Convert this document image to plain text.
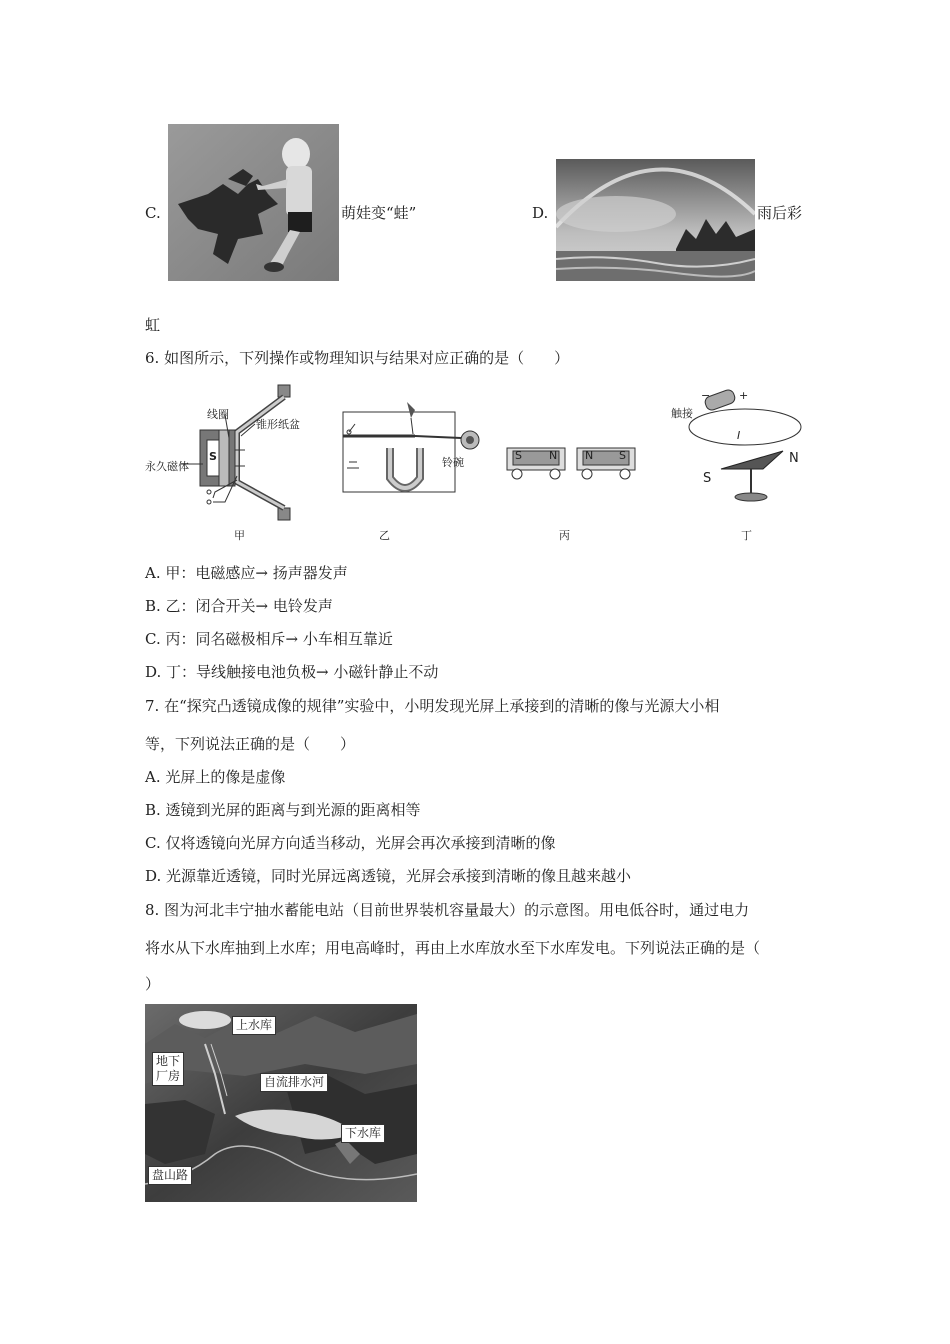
C.	萌娃变“蛙”	D.	雨后彩
虹
6. 如图所示，下列操作或物理知识与结果对应正确的是（　　）
线圈
锥形纸盆
永久磁体
S
甲
铃碗
乙
S N	N S
丙
触接
−	+
I
N
S
丁
A. 甲：电磁感应→ 扬声器发声
B. 乙：闭合开关→ 电铃发声
C. 丙：同名磁极相斥→ 小车相互靠近
D. 丁：导线触接电池负极→ 小磁针静止不动
7. 在“探究凸透镜成像的规律”实验中，小明发现光屏上承接到的清晰的像与光源大小相
等，下列说法正确的是（　　）
A. 光屏上的像是虚像
B. 透镜到光屏的距离与到光源的距离相等
C. 仅将透镜向光屏方向适当移动，光屏会再次承接到清晰的像
D. 光源靠近透镜，同时光屏远离透镜，光屏会承接到清晰的像且越来越小
8. 图为河北丰宁抽水蓄能电站（目前世界装机容量最大）的示意图。用电低谷时，通过电力
将水从下水库抽到上水库；用电高峰时，再由上水库放水至下水库发电。下列说法正确的是（
）
上水库
地下
厂房	自流排水河
下水库
盘山路
